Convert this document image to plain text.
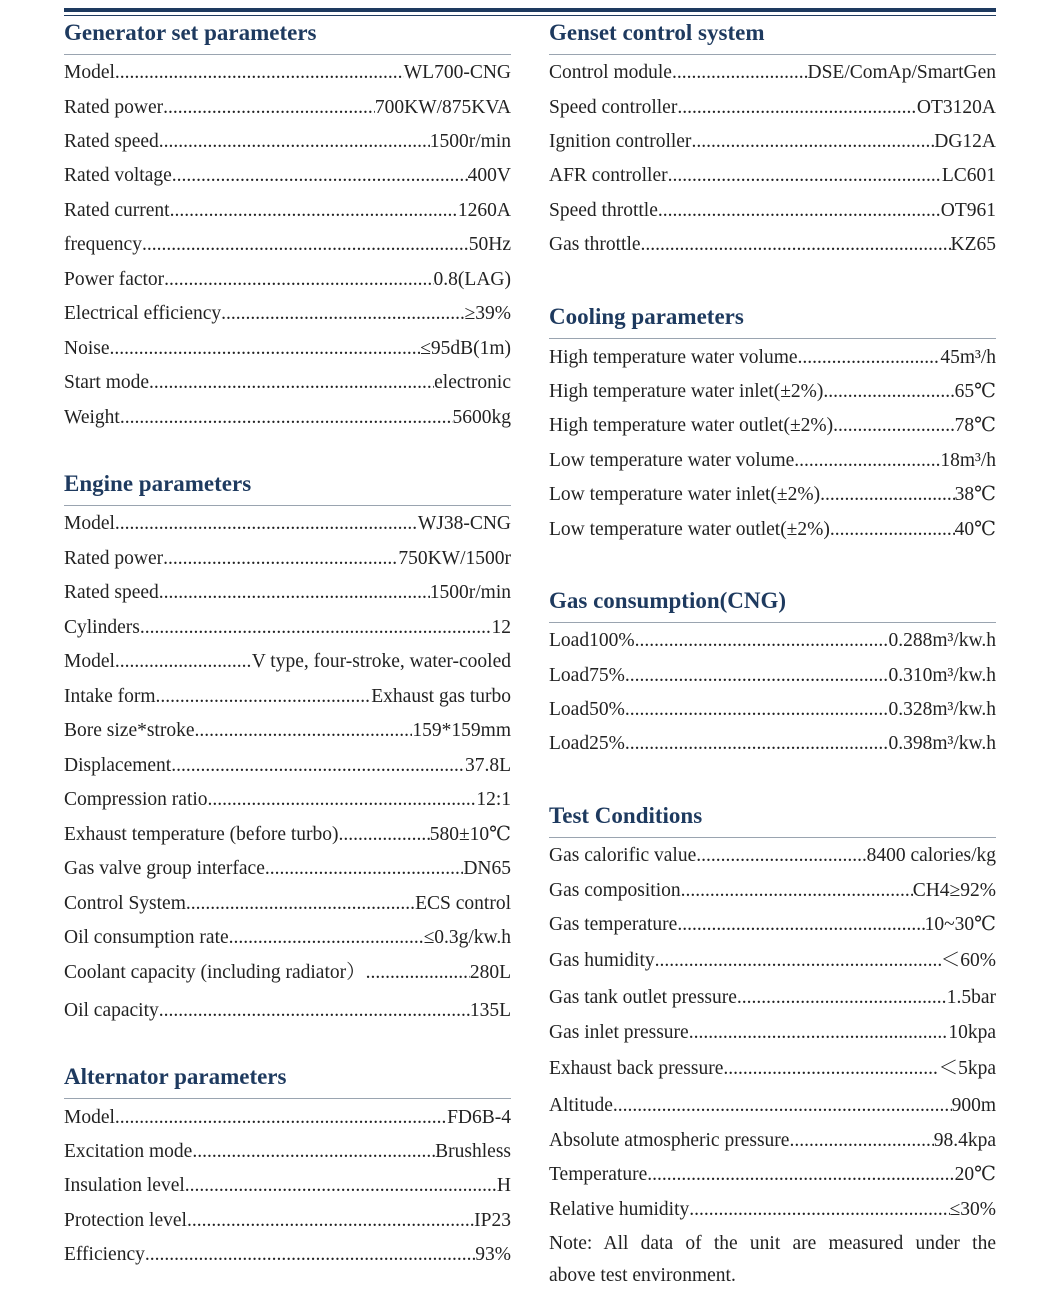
Generator set parameters
Model .....	WL700-CNG
Rated power .....	700KW/875KVA
Rated speed .....	1500r/min
Rated voltage .....	400V
Rated current .....	1260A
frequency .....	50Hz
Power factor .....	0.8(LAG)
Electrical efficiency .....	≥39%
Noise .....	≤95dB(1m)
Start mode .....	electronic
Weight .....	5600kg
Engine parameters
Model .....	WJ38-CNG
Rated power .....	750KW/1500r
Rated speed .....	1500r/min
Cylinders .....	12
Model .....	V type, four-stroke, water-cooled
Intake form .....	Exhaust gas turbo
Bore size*stroke .....	159*159mm
Displacement .....	37.8L
Compression ratio .....	12:1
Exhaust temperature (before turbo) .....	580±10℃
Gas valve group interface .....	DN65
Control System .....	ECS control
Oil consumption rate .....	≤0.3g/kw.h
Coolant capacity (including radiator） .....	280L
Oil capacity .....	135L
Alternator parameters
Model .....	FD6B-4
Excitation mode .....	Brushless
Insulation level .....	H
Protection level .....	IP23
Efficiency .....	93%
Genset control system
Control module .....	DSE/ComAp/SmartGen
Speed controller .....	OT3120A
Ignition controller .....	DG12A
AFR controller .....	LC601
Speed throttle .....	OT961
Gas throttle .....	KZ65
Cooling parameters
High temperature water volume .....	45m³/h
High temperature water inlet(±2%) .....	65℃
High temperature water outlet(±2%) .....	78℃
Low temperature water volume .....	18m³/h
Low temperature water inlet(±2%) .....	38℃
Low temperature water outlet(±2%) .....	40℃
Gas consumption(CNG)
Load100% .....	0.288m³/kw.h
Load75% .....	0.310m³/kw.h
Load50% .....	0.328m³/kw.h
Load25% .....	0.398m³/kw.h
Test Conditions
Gas calorific value .....	8400 calories/kg
Gas composition .....	CH4≥92%
Gas temperature .....	10~30℃
Gas humidity .....	＜60%
Gas tank outlet pressure .....	1.5bar
Gas inlet pressure .....	10kpa
Exhaust back pressure .....	＜5kpa
Altitude .....	900m
Absolute atmospheric pressure .....	98.4kpa
Temperature .....	20℃
Relative humidity .....	≤30%
Note: All data of the unit are measured under the
above test environment.
